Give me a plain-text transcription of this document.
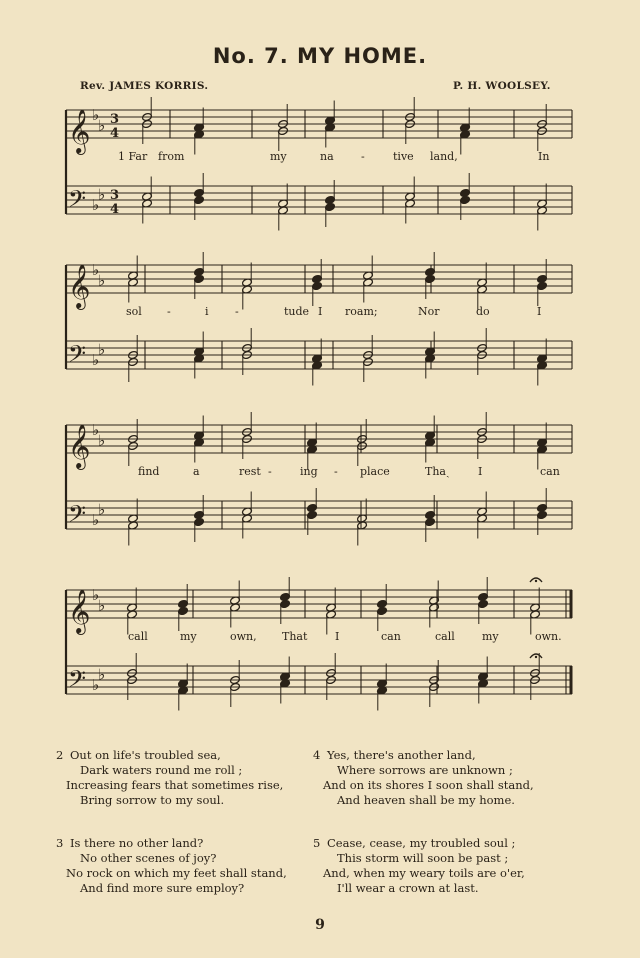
No. 7. MY HOME.
Rev. JAMES KORRIS.	P. H. WOOLSEY.
𝄞
𝄢
♭
♭
♭
♭
3
4
3
4
1 Far from	my	na -	tive land,	In
𝄞
𝄢
♭
♭
♭
♭
sol -	i -	tude I roam;	Nor	do	I
𝄞
𝄢
♭
♭
♭
♭
find	a	rest -	ing - place	Thaˎ	I	can
𝄞
𝄢
♭
♭
♭
♭
call	my	own, That	I	can	call my	own.
2 Out on life's troubled sea,
Dark waters round me roll ;
Increasing fears that sometimes rise,
Bring sorrow to my soul.
3 Is there no other land?
No other scenes of joy?
No rock on which my feet shall stand,
And find more sure employ?
4 Yes, there's another land,
Where sorrows are unknown ;
And on its shores I soon shall stand,
And heaven shall be my home.
5 Cease, cease, my troubled soul ;
This storm will soon be past ;
And, when my weary toils are o'er,
I'll wear a crown at last.
9
